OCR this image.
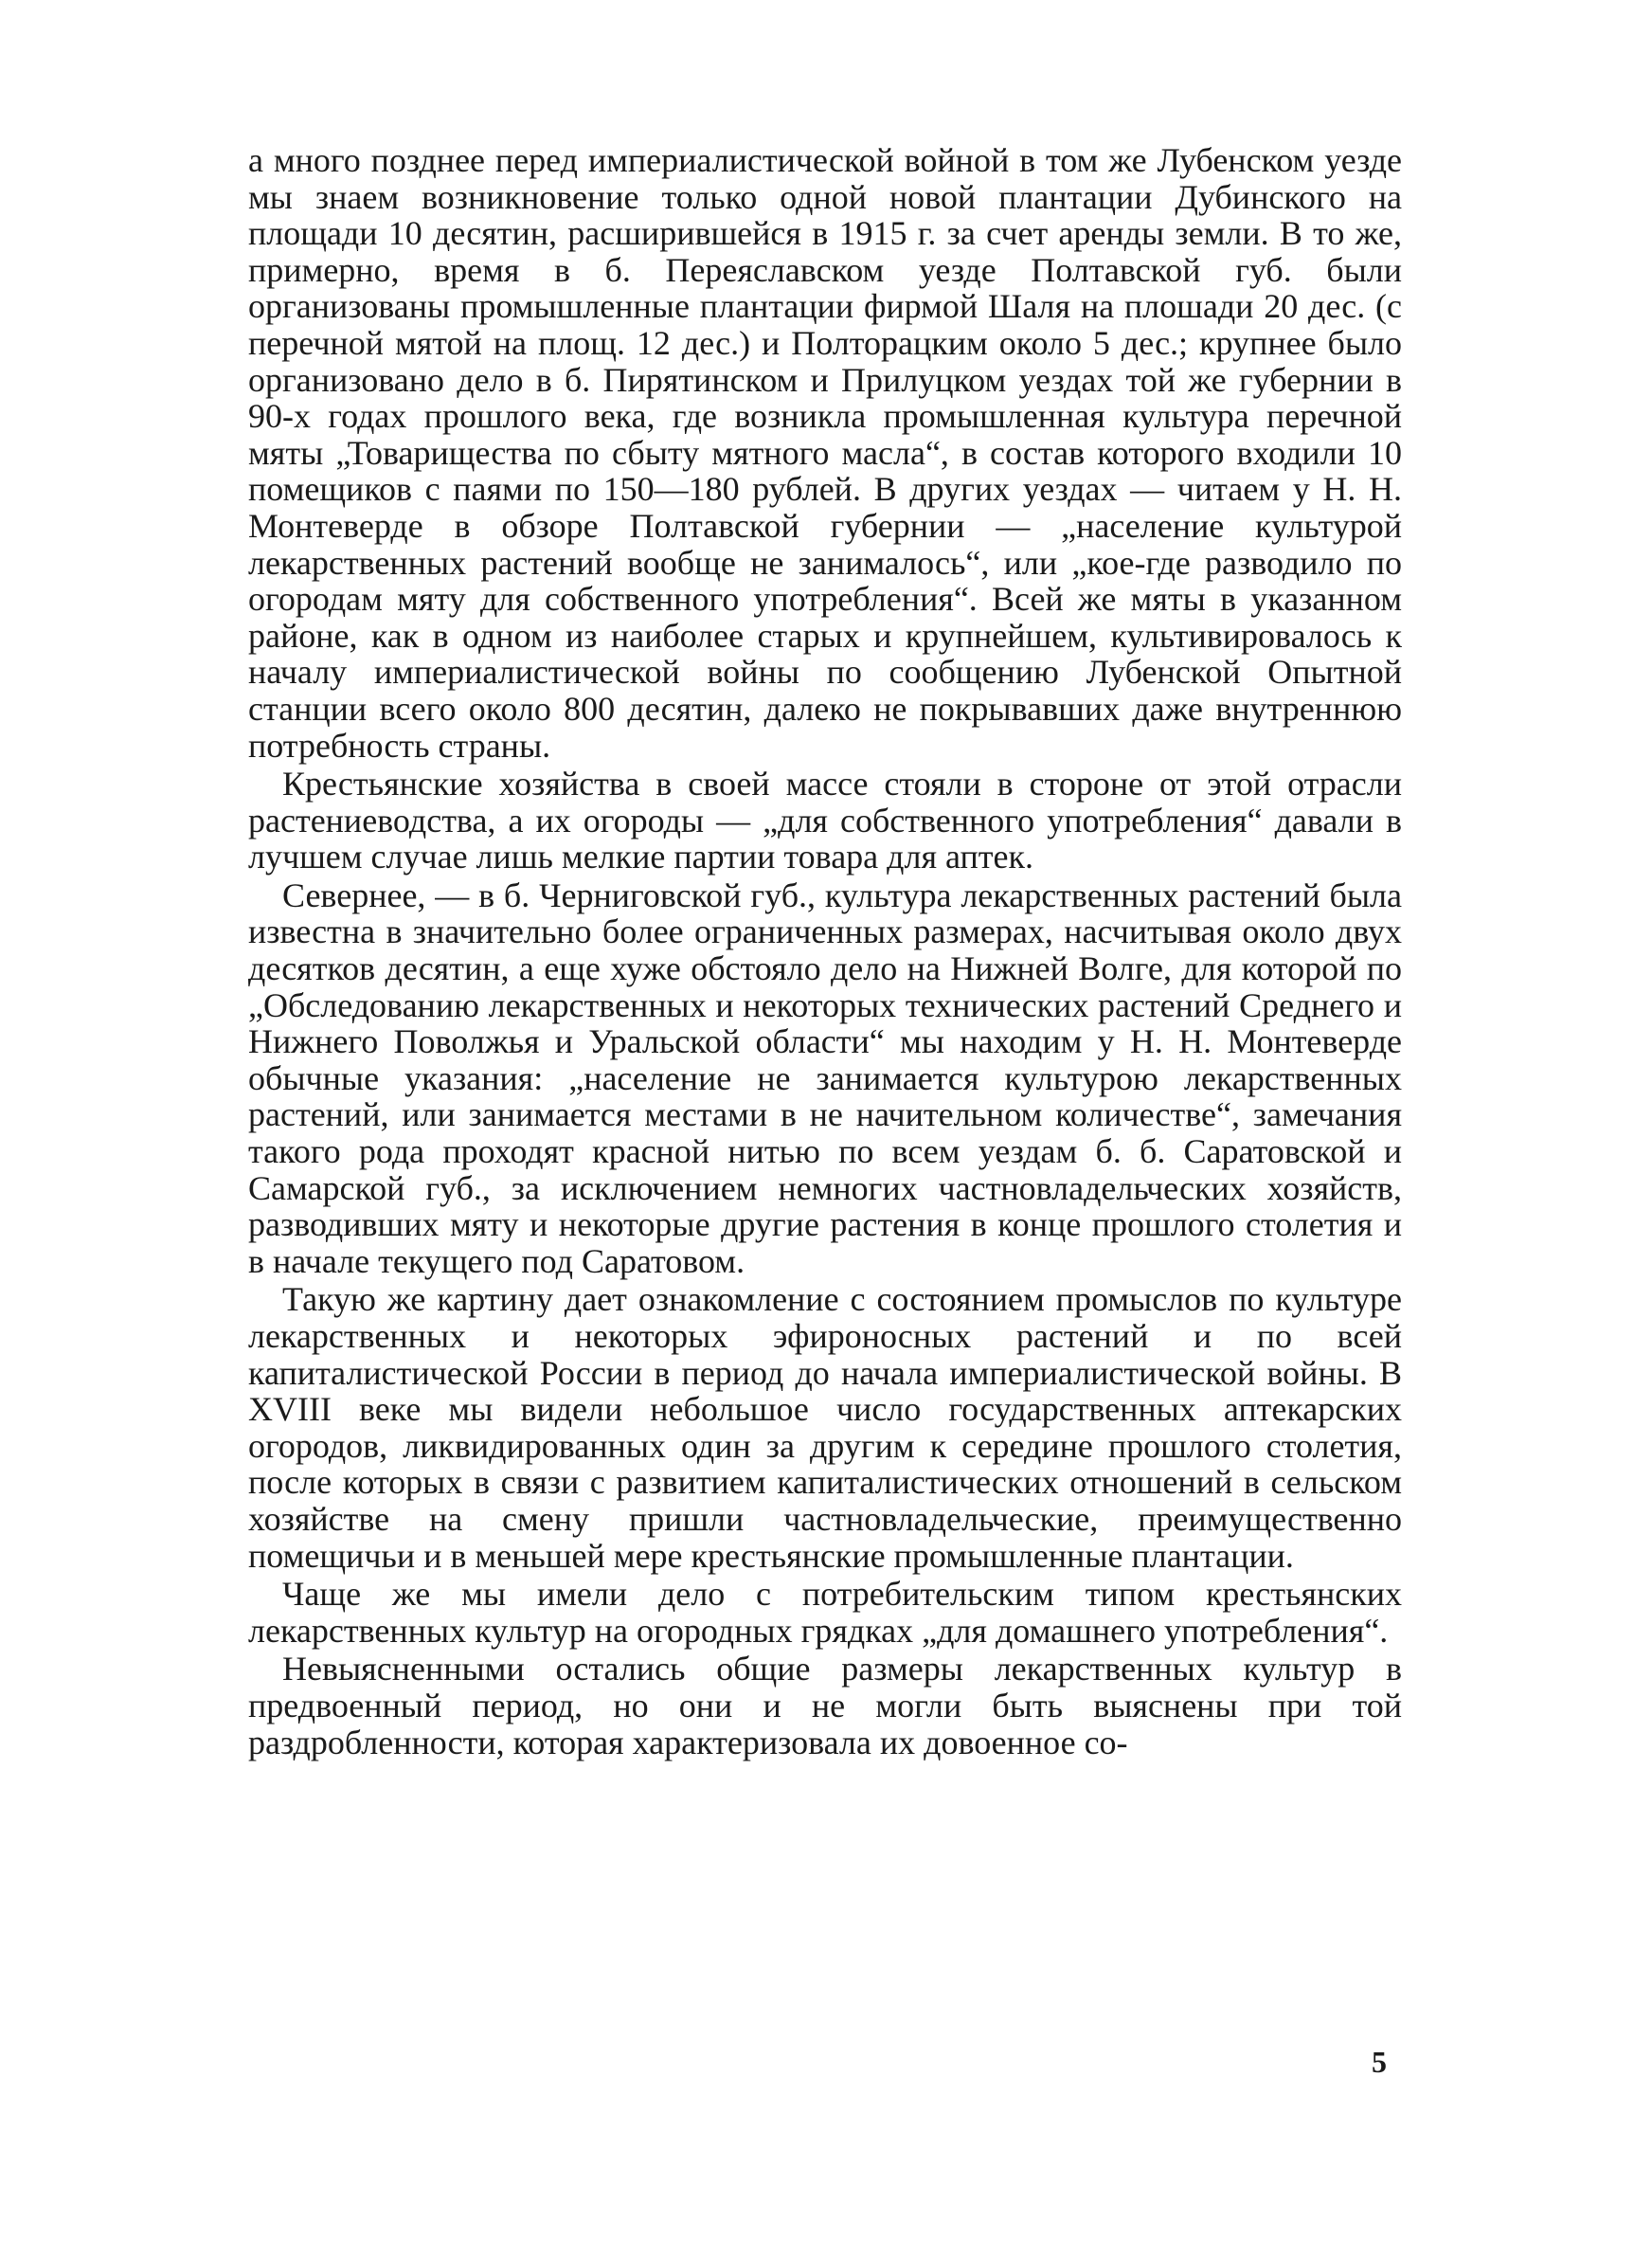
а много позднее перед империалистической войной в том же Лубенском уезде мы знаем возникновение только одной новой плантации Дубинского на площади 10 десятин, расширившейся в 1915 г. за счет аренды земли. В то же, примерно, время в б. Переяславском уезде Полтавской губ. были организованы промышленные плантации фирмой Шаля на плошади 20 дес. (с перечной мятой на площ. 12 дес.) и Полторацким около 5 дес.; крупнее было организовано дело в б. Пирятинском и Прилуцком уездах той же губернии в 90-х годах прошлого века, где возникла промышленная культура перечной мяты „Товарищества по сбыту мятного масла“, в состав которого входили 10 помещиков с паями по 150—180 рублей. В других уездах — читаем у Н. Н. Монтеверде в обзоре Полтавской губернии — „население культурой лекарственных растений вообще не занималось“, или „кое-где разводило по огородам мяту для собственного употребления“. Всей же мяты в указанном районе, как в одном из наиболее старых и крупнейшем, культивировалось к началу империалистической войны по сообщению Лубенской Опытной станции всего около 800 десятин, далеко не покрывавших даже внутреннюю потребность страны.

Крестьянские хозяйства в своей массе стояли в стороне от этой отрасли растениеводства, а их огороды — „для собственного употребления“ давали в лучшем случае лишь мелкие партии товара для аптек.

Севернее, — в б. Черниговской губ., культура лекарственных растений была известна в значительно более ограниченных размерах, насчитывая около двух десятков десятин, а еще хуже обстояло дело на Нижней Волге, для которой по „Обследованию лекарственных и некоторых технических растений Среднего и Нижнего Поволжья и Уральской области“ мы находим у Н. Н. Монтеверде обычные указания: „население не занимается культурою лекарственных растений, или занимается местами в не начительном количестве“, замечания такого рода проходят красной нитью по всем уездам б. б. Саратовской и Самарской губ., за исключением немногих частновладельческих хозяйств, разводивших мяту и некоторые другие растения в конце прошлого столетия и в начале текущего под Саратовом.

Такую же картину дает ознакомление с состоянием промыслов по культуре лекарственных и некоторых эфироносных растений и по всей капиталистической России в период до начала империалистической войны. В XVIII веке мы видели небольшое число государственных аптекарских огородов, ликвидированных один за другим к середине прошлого столетия, после которых в связи с развитием капиталистических отношений в сельском хозяйстве на смену пришли частновладельческие, преимущественно помещичьи и в меньшей мере крестьянские промышленные плантации.

Чаще же мы имели дело с потребительским типом крестьянских лекарственных культур на огородных грядках „для домашнего употребления“.

Невыясненными остались общие размеры лекарственных культур в предвоенный период, но они и не могли быть выяснены при той раздробленности, которая характеризовала их довоенное со-

5
